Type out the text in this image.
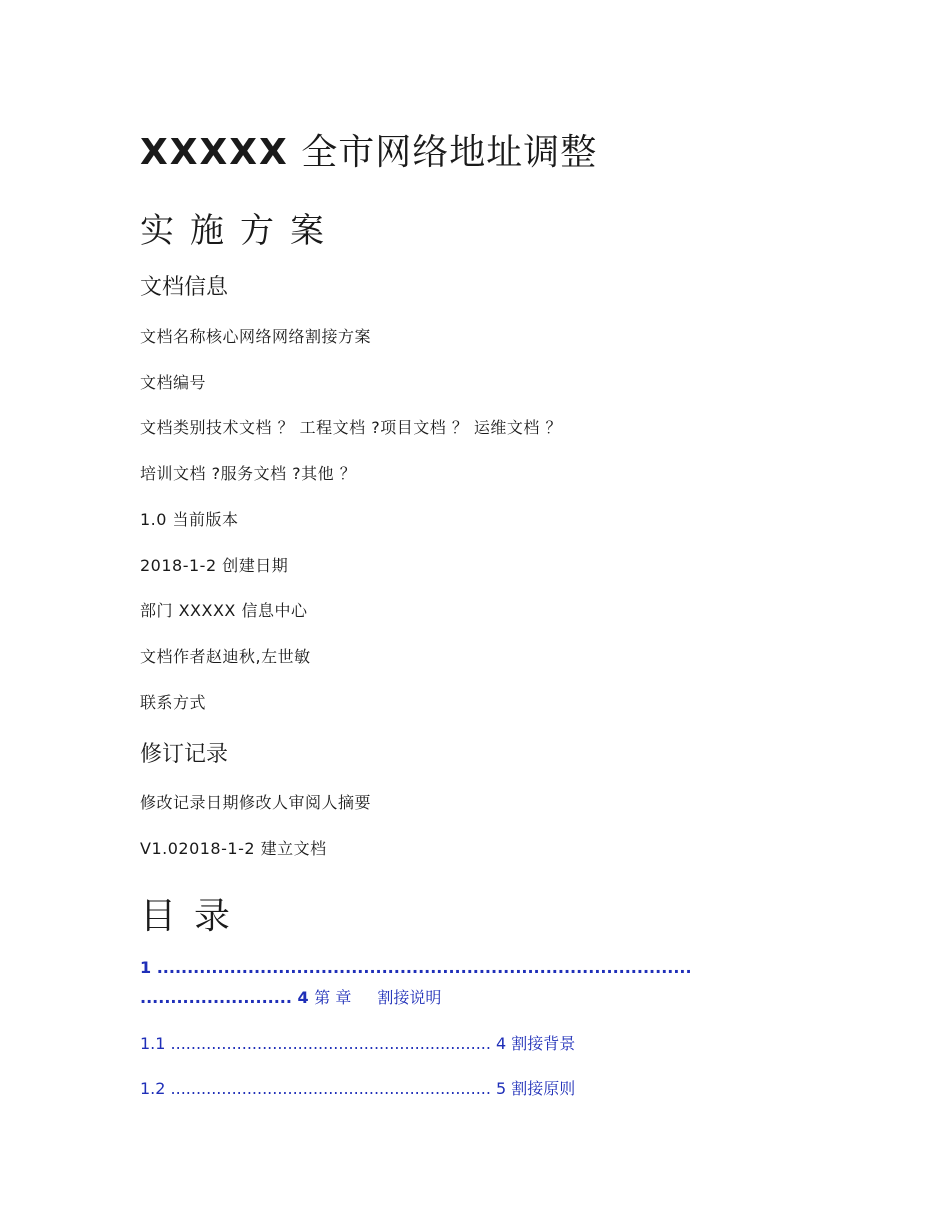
XXXXX 全市网络地址调整
实施方案
文档信息
文档名称核心网络网络割接方案
文档编号
文档类别技术文档 ？ 工程文档 ?项目文档 ？ 运维文档 ？
培训文档 ?服务文档 ?其他 ？
1.0 当前版本
2018-1-2 创建日期
部门 XXXXX 信息中心
文档作者赵迪秋,左世敏
联系方式
修订记录
修改记录日期修改人审阅人摘要
V1.02018-1-2 建立文档
目录
1 ........................................................................................
......................... 4 第 章 割接说明
1.1 ............................................................... 4 割接背景
1.2 ............................................................... 5 割接原则
